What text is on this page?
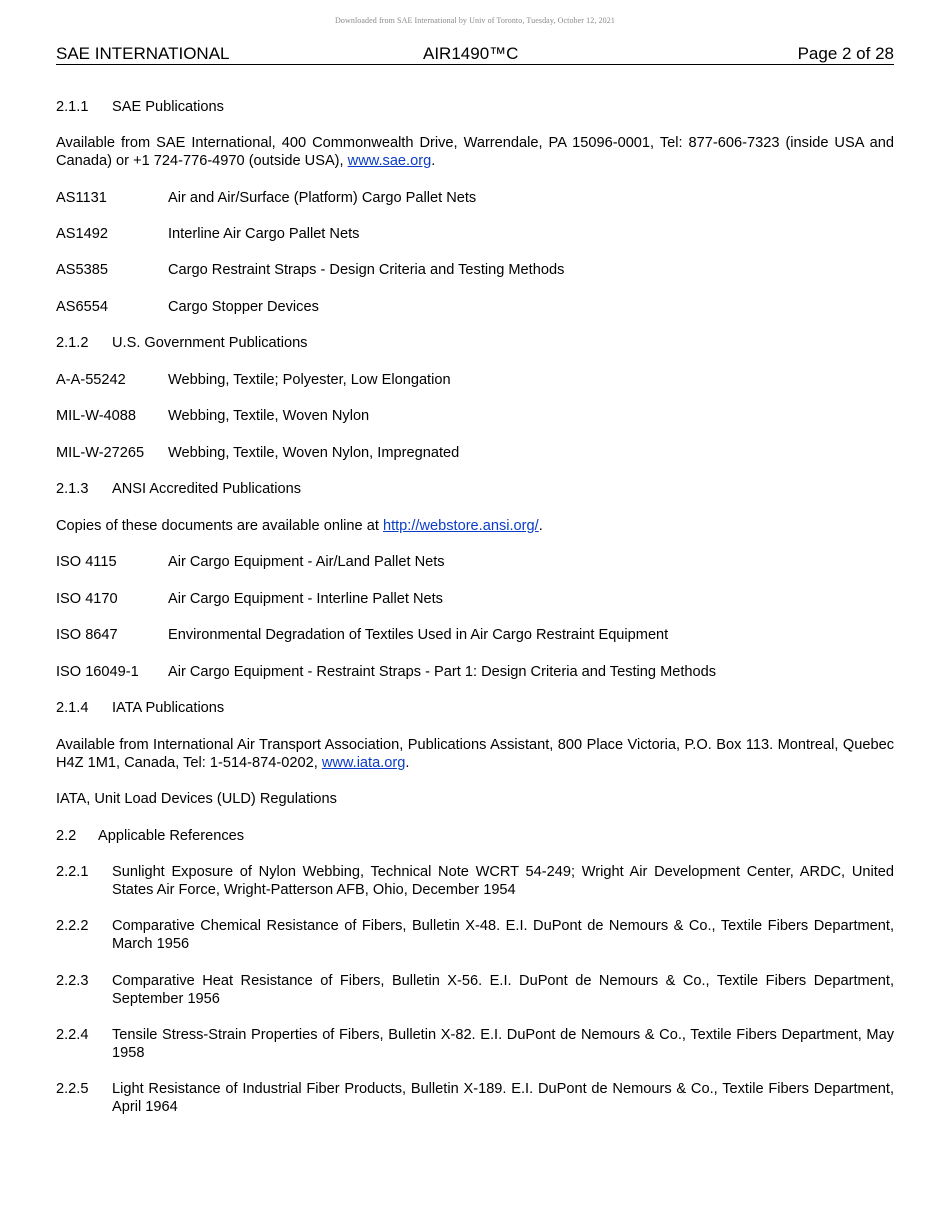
Downloaded from SAE International by Univ of Toronto, Tuesday, October 12, 2021
SAE INTERNATIONAL	AIR1490™C	Page 2 of 28
2.1.1 SAE Publications
Available from SAE International, 400 Commonwealth Drive, Warrendale, PA 15096-0001, Tel: 877-606-7323 (inside USA and Canada) or +1 724-776-4970 (outside USA), www.sae.org.
AS1131	Air and Air/Surface (Platform) Cargo Pallet Nets
AS1492	Interline Air Cargo Pallet Nets
AS5385	Cargo Restraint Straps - Design Criteria and Testing Methods
AS6554	Cargo Stopper Devices
2.1.2 U.S. Government Publications
A-A-55242	Webbing, Textile; Polyester, Low Elongation
MIL-W-4088 Webbing, Textile, Woven Nylon
MIL-W-27265 Webbing, Textile, Woven Nylon, Impregnated
2.1.3 ANSI Accredited Publications
Copies of these documents are available online at http://webstore.ansi.org/.
ISO 4115	Air Cargo Equipment - Air/Land Pallet Nets
ISO 4170	Air Cargo Equipment - Interline Pallet Nets
ISO 8647	Environmental Degradation of Textiles Used in Air Cargo Restraint Equipment
ISO 16049-1 Air Cargo Equipment - Restraint Straps - Part 1: Design Criteria and Testing Methods
2.1.4 IATA Publications
Available from International Air Transport Association, Publications Assistant, 800 Place Victoria, P.O. Box 113. Montreal, Quebec H4Z 1M1, Canada, Tel: 1-514-874-0202, www.iata.org.
IATA, Unit Load Devices (ULD) Regulations
2.2 Applicable References
2.2.1 Sunlight Exposure of Nylon Webbing, Technical Note WCRT 54-249; Wright Air Development Center, ARDC, United States Air Force, Wright-Patterson AFB, Ohio, December 1954
2.2.2 Comparative Chemical Resistance of Fibers, Bulletin X-48. E.I. DuPont de Nemours & Co., Textile Fibers Department, March 1956
2.2.3 Comparative Heat Resistance of Fibers, Bulletin X-56. E.I. DuPont de Nemours & Co., Textile Fibers Department, September 1956
2.2.4 Tensile Stress-Strain Properties of Fibers, Bulletin X-82. E.I. DuPont de Nemours & Co., Textile Fibers Department, May 1958
2.2.5 Light Resistance of Industrial Fiber Products, Bulletin X-189. E.I. DuPont de Nemours & Co., Textile Fibers Department, April 1964
